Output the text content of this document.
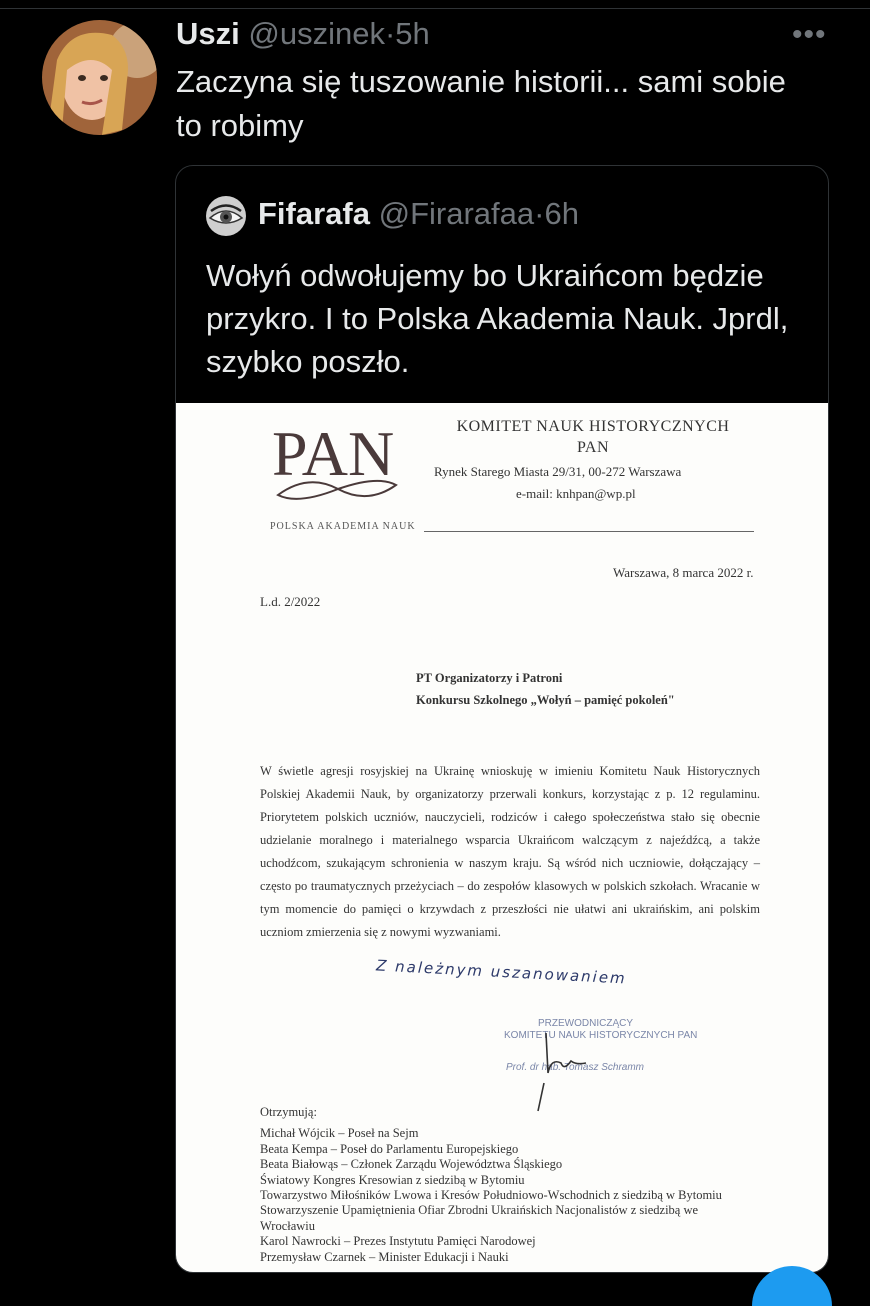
Uszi @uszinek·5h	•••
Zaczyna się tuszowanie historii... sami sobie to robimy
Fifarafa @Firarafaa·6h
Wołyń odwołujemy bo Ukraińcom będzie przykro. I to Polska Akademia Nauk. Jprdl, szybko poszło.
PAN
POLSKA AKADEMIA NAUK
KOMITET NAUK HISTORYCZNYCH
PAN
Rynek Starego Miasta 29/31, 00-272 Warszawa
e-mail: knhpan@wp.pl
Warszawa, 8 marca 2022 r.
L.d. 2/2022
PT Organizatorzy i Patroni
Konkursu Szkolnego „Wołyń – pamięć pokoleń"
W świetle agresji rosyjskiej na Ukrainę wnioskuję w imieniu Komitetu Nauk Historycznych Polskiej Akademii Nauk, by organizatorzy przerwali konkurs, korzystając z p. 12 regulaminu. Priorytetem polskich uczniów, nauczycieli, rodziców i całego społeczeństwa stało się obecnie udzielanie moralnego i materialnego wsparcia Ukraińcom walczącym z najeźdźcą, a także uchodźcom, szukającym schronienia w naszym kraju. Są wśród nich uczniowie, dołączający – często po traumatycznych przeżyciach – do zespołów klasowych w polskich szkołach. Wracanie w tym momencie do pamięci o krzywdach z przeszłości nie ułatwi ani ukraińskim, ani polskim uczniom zmierzenia się z nowymi wyzwaniami.
Z należnym uszanowaniem
PRZEWODNICZĄCY
KOMITETU NAUK HISTORYCZNYCH PAN
Prof. dr hab. Tomasz Schramm
Otrzymują:
Michał Wójcik – Poseł na Sejm
Beata Kempa – Poseł do Parlamentu Europejskiego
Beata Białowąs – Członek Zarządu Województwa Śląskiego
Światowy Kongres Kresowian z siedzibą w Bytomiu
Towarzystwo Miłośników Lwowa i Kresów Południowo-Wschodnich z siedzibą w Bytomiu
Stowarzyszenie Upamiętnienia Ofiar Zbrodni Ukraińskich Nacjonalistów z siedzibą we Wrocławiu
Karol Nawrocki – Prezes Instytutu Pamięci Narodowej
Przemysław Czarnek – Minister Edukacji i Nauki
